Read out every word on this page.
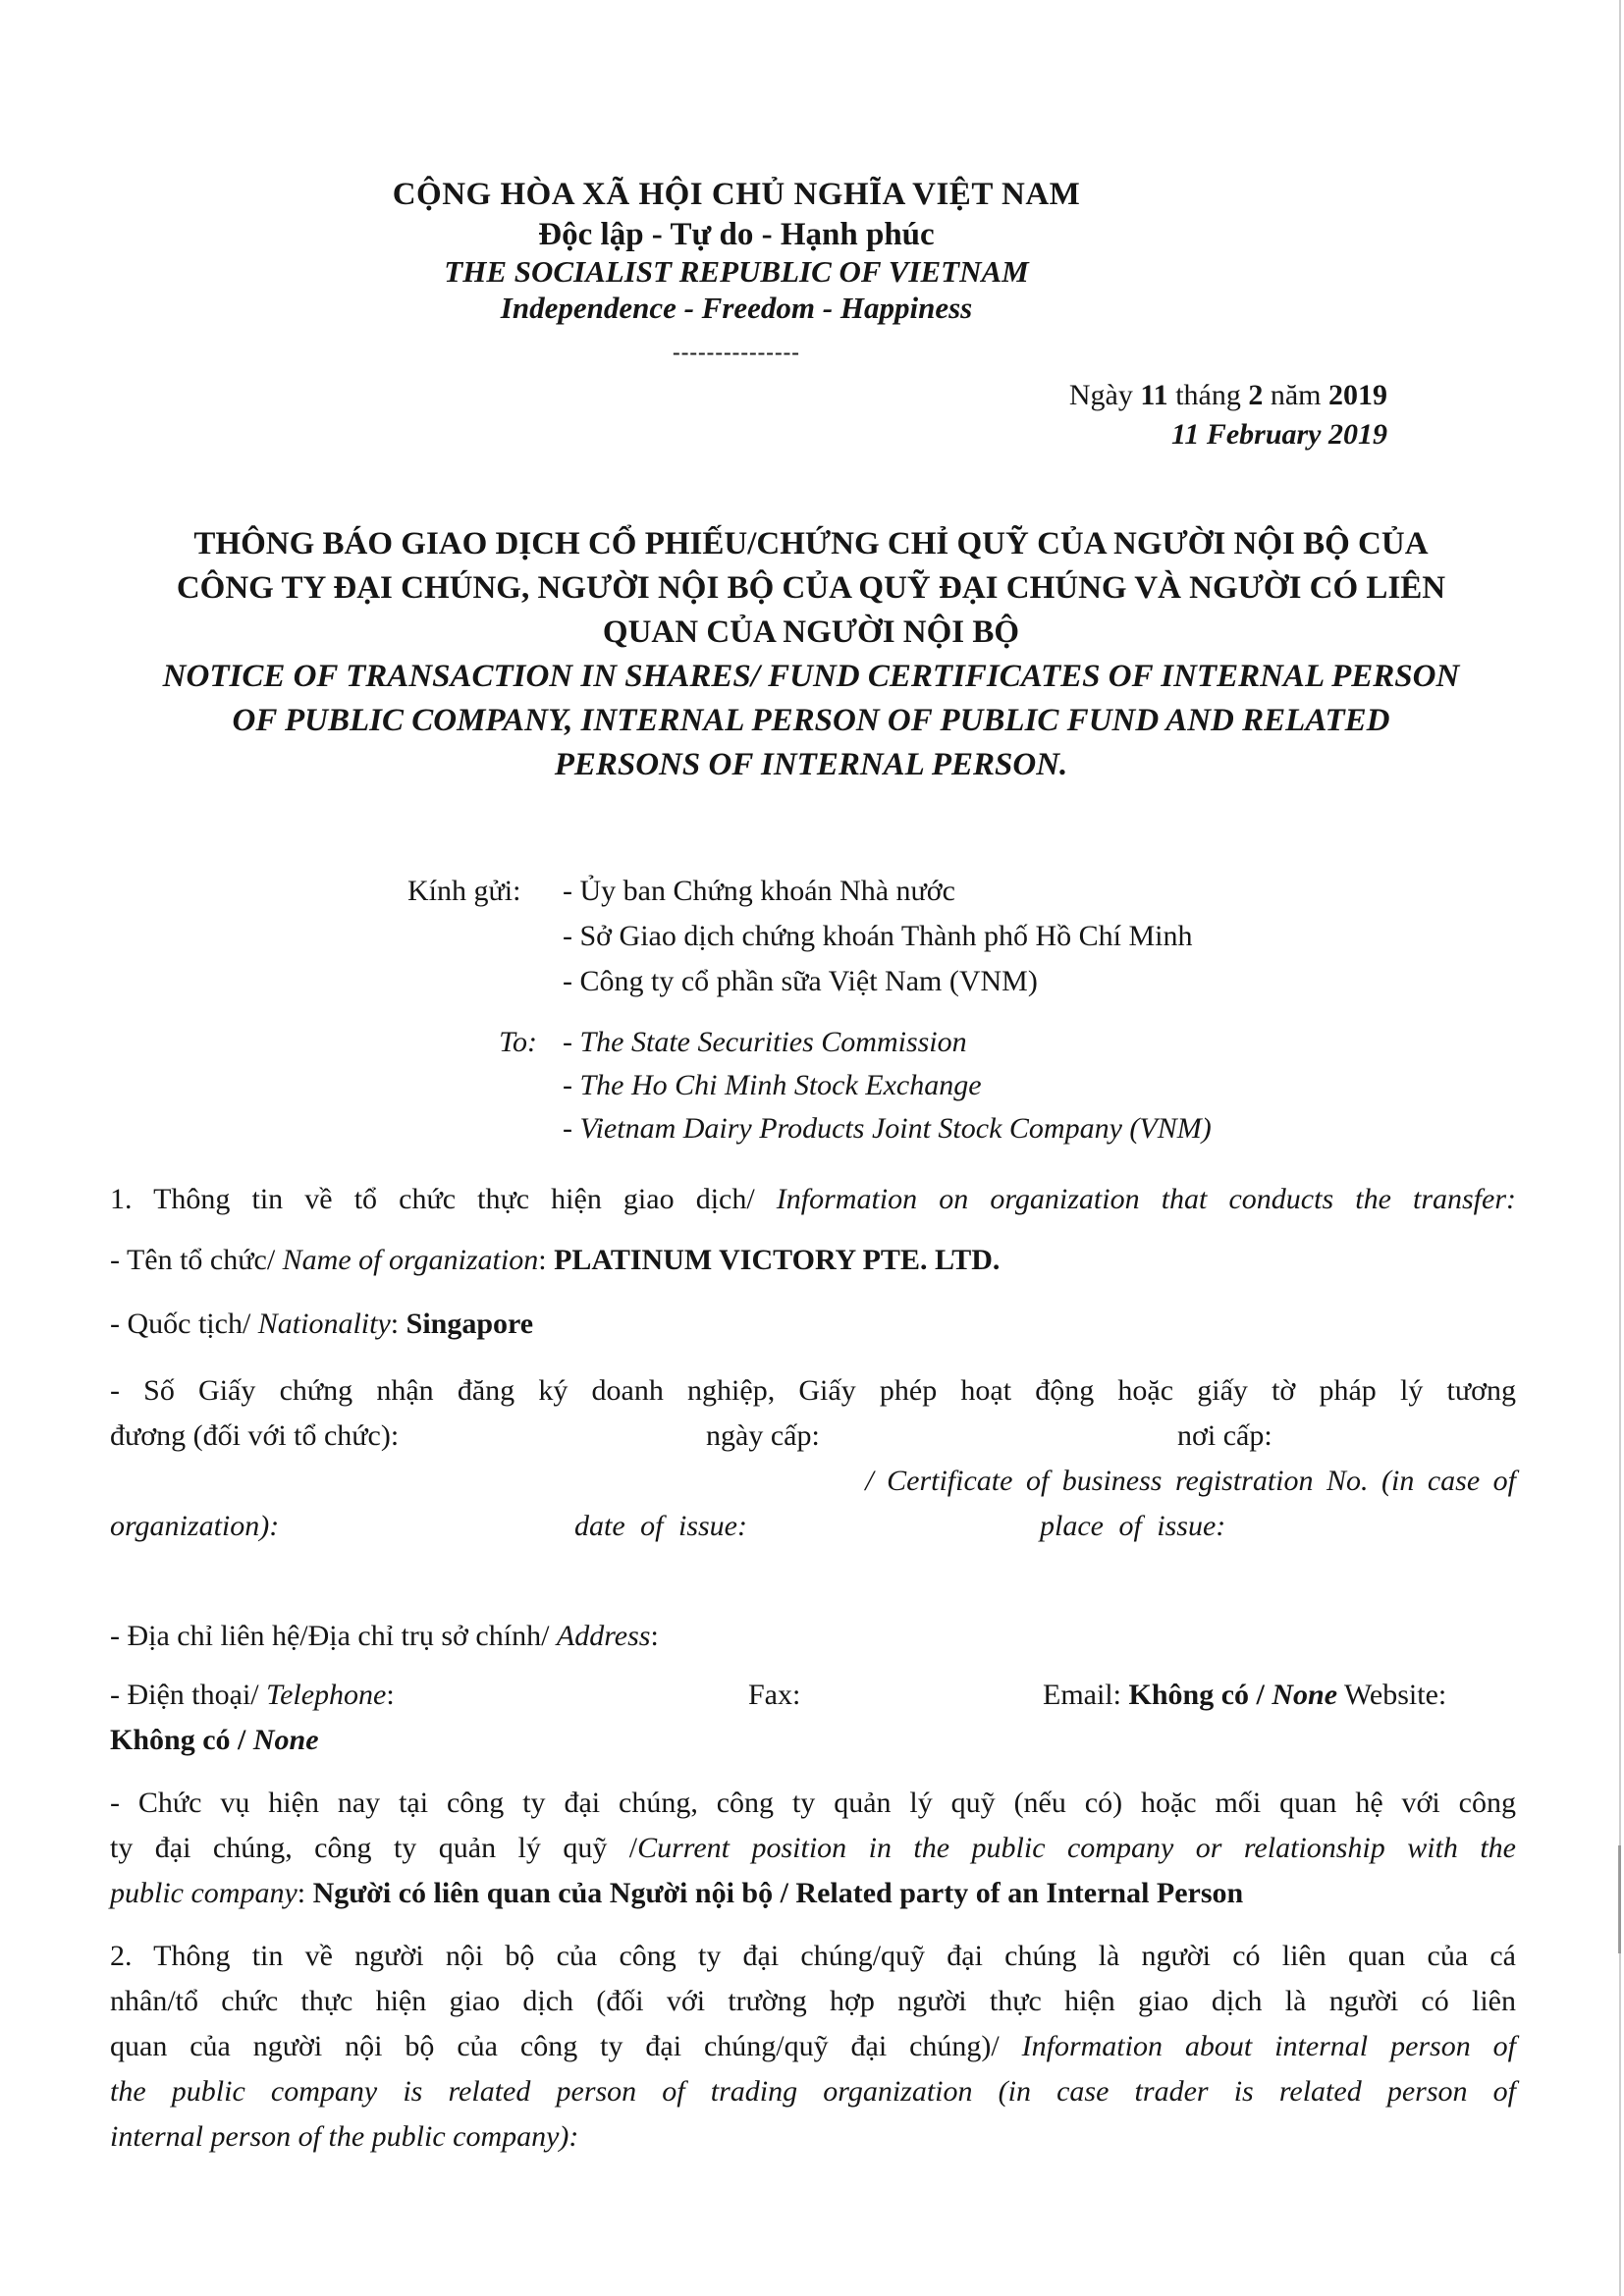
CỘNG HÒA XÃ HỘI CHỦ NGHĨA VIỆT NAM
Độc lập - Tự do - Hạnh phúc
THE SOCIALIST REPUBLIC OF VIETNAM
Independence - Freedom - Happiness
---------------
Ngày 11 tháng 2 năm 2019
11 February 2019
THÔNG BÁO GIAO DỊCH CỔ PHIẾU/CHỨNG CHỈ QUỸ CỦA NGƯỜI NỘI BỘ CỦA
CÔNG TY ĐẠI CHÚNG, NGƯỜI NỘI BỘ CỦA QUỸ ĐẠI CHÚNG VÀ NGƯỜI CÓ LIÊN
QUAN CỦA NGƯỜI NỘI BỘ
NOTICE OF TRANSACTION IN SHARES/ FUND CERTIFICATES OF INTERNAL PERSON
OF PUBLIC COMPANY, INTERNAL PERSON OF PUBLIC FUND AND RELATED
PERSONS OF INTERNAL PERSON.
Kính gửi:	- Ủy ban Chứng khoán Nhà nước
- Sở Giao dịch chứng khoán Thành phố Hồ Chí Minh
- Công ty cổ phần sữa Việt Nam (VNM)
To: - The State Securities Commission
- The Ho Chi Minh Stock Exchange
- Vietnam Dairy Products Joint Stock Company (VNM)
1. Thông tin về tổ chức thực hiện giao dịch/ Information on organization that conducts the transfer:
- Tên tổ chức/ Name of organization: PLATINUM VICTORY PTE. LTD.
- Quốc tịch/ Nationality: Singapore
- Số Giấy chứng nhận đăng ký doanh nghiệp, Giấy phép hoạt động hoặc giấy tờ pháp lý tương
đương (đối với tổ chức):	ngày cấp:	nơi cấp:
/ Certificate of business registration No. (in case of
organization):	date of issue:	place of issue:
- Địa chỉ liên hệ/Địa chỉ trụ sở chính/ Address:
- Điện thoại/ Telephone:	Fax:	Email: Không có / None Website:
Không có / None
- Chức vụ hiện nay tại công ty đại chúng, công ty quản lý quỹ (nếu có) hoặc mối quan hệ với công
ty đại chúng, công ty quản lý quỹ /Current position in the public company or relationship with the
public company: Người có liên quan của Người nội bộ / Related party of an Internal Person
2. Thông tin về người nội bộ của công ty đại chúng/quỹ đại chúng là người có liên quan của cá
nhân/tổ chức thực hiện giao dịch (đối với trường hợp người thực hiện giao dịch là người có liên
quan của người nội bộ của công ty đại chúng/quỹ đại chúng)/ Information about internal person of
the public company is related person of trading organization (in case trader is related person of
internal person of the public company):
